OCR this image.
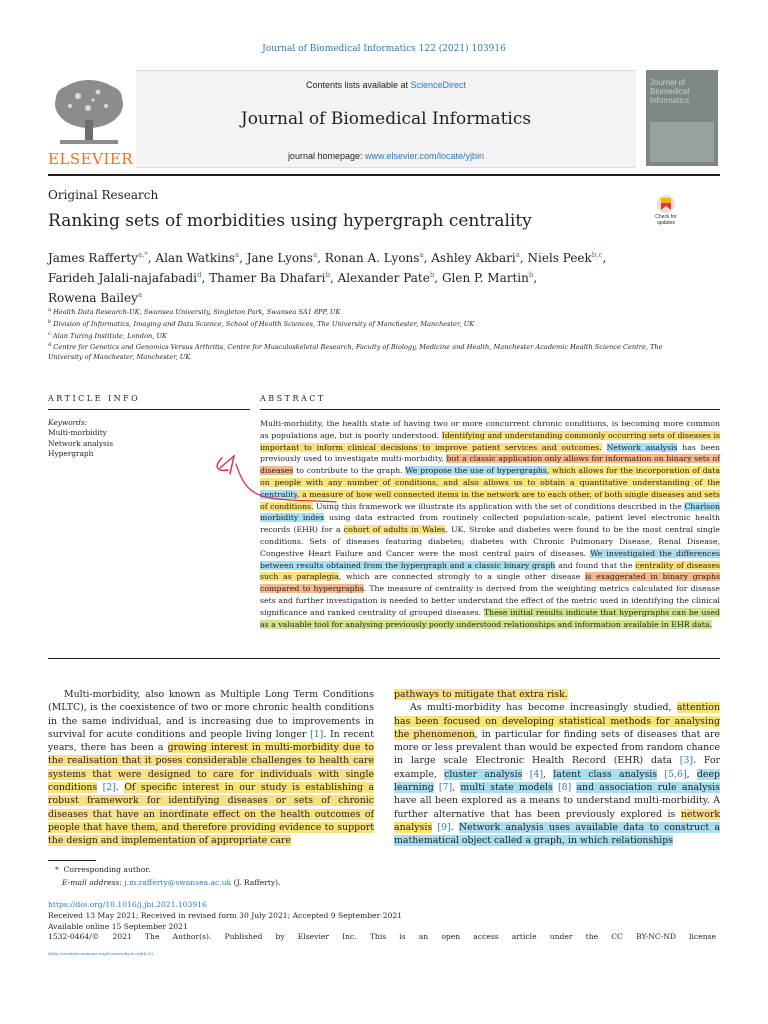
Journal of Biomedical Informatics 122 (2021) 103916
ELSEVIER
Contents lists available at ScienceDirect
Journal of Biomedical Informatics
journal homepage: www.elsevier.com/locate/yjbin
Journal of Biomedical Informatics
Original Research
Ranking sets of morbidities using hypergraph centrality	Check for
updates
James Rafferty$^{a,*}$, Alan Watkins$^a$, Jane Lyons$^a$, Ronan A. Lyons$^a$, Ashley Akbari$^a$, Niels Peek$^{b,c}$,
Farideh Jalali-najafabadi$^d$, Thamer Ba Dhafari$^b$, Alexander Pate$^b$, Glen P. Martin$^b$,
Rowena Bailey$^a$
$^a$ Health Data Research-UK, Swansea University, Singleton Park, Swansea SA1 8PP, UK
$^b$ Division of Informatics, Imaging and Data Science, School of Health Sciences, The University of Manchester, Manchester, UK
$^c$ Alan Turing Institute, London, UK
$^d$ Centre for Genetics and Genomics Versus Arthritis, Centre for Musculoskeletal Research, Faculty of Biology, Medicine and Health, Manchester Academic Health Science Centre, The University of Manchester, Manchester, UK
ARTICLE INFO	ABSTRACT
Keywords:
Multi-morbidity
Network analysis
Hypergraph
Multi-morbidity, the health state of having two or more concurrent chronic conditions, is becoming more common as populations age, but is poorly understood. Identifying and understanding commonly occurring sets of diseases is important to inform clinical decisions to improve patient services and outcomes. Network analysis has been previously used to investigate multi-morbidity, but a classic application only allows for information on binary sets of diseases to contribute to the graph. We propose the use of hypergraphs, which allows for the incorporation of data on people with any number of conditions, and also allows us to obtain a quantitative understanding of the centrality, a measure of how well connected items in the network are to each other, of both single diseases and sets of conditions. Using this framework we illustrate its application with the set of conditions described in the Charlson morbidity index using data extracted from routinely collected population-scale, patient level electronic health records (EHR) for a cohort of adults in Wales, UK. Stroke and diabetes were found to be the most central single conditions. Sets of diseases featuring diabetes; diabetes with Chronic Pulmonary Disease, Renal Disease, Congestive Heart Failure and Cancer were the most central pairs of diseases. We investigated the differences between results obtained from the hypergraph and a classic binary graph and found that the centrality of diseases such as paraplegia, which are connected strongly to a single other disease is exaggerated in binary graphs compared to hypergraphs. The measure of centrality is derived from the weighting metrics calculated for disease sets and further investigation is needed to better understand the effect of the metric used in identifying the clinical significance and ranked centrality of grouped diseases. These initial results indicate that hypergraphs can be used as a valuable tool for analysing previously poorly understood relationships and information available in EHR data.

Multi-morbidity, also known as Multiple Long Term Conditions (MLTC), is the coexistence of two or more chronic health conditions in the same individual, and is increasing due to improvements in survival for acute conditions and people living longer [1]. In recent years, there has been a growing interest in multi-morbidity due to the realisation that it poses considerable challenges to health care systems that were designed to care for individuals with single conditions [2]. Of specific interest in our study is establishing a robust framework for identifying diseases or sets of chronic diseases that have an inordinate effect on the health outcomes of people that have them, and therefore providing evidence to support the design and implementation of appropriate care

pathways to mitigate that extra risk.

As multi-morbidity has become increasingly studied, attention has been focused on developing statistical methods for analysing the phenomenon, in particular for finding sets of diseases that are more or less prevalent than would be expected from random chance in large scale Electronic Health Record (EHR) data [3]. For example, cluster analysis [4], latent class analysis [5,6], deep learning [7], multi state models [8] and association rule analysis have all been explored as a means to understand multi-morbidity. A further alternative that has been previously explored is network analysis [9]. Network analysis uses available data to construct a mathematical object called a graph, in which relationships

* Corresponding author.
E-mail address: j.m.rafferty@swansea.ac.uk (J. Rafferty).
https://doi.org/10.1016/j.jbi.2021.103916
Received 13 May 2021; Received in revised form 30 July 2021; Accepted 9 September 2021
Available online 15 September 2021
1532-0464/© 2021 The Author(s). Published by Elsevier Inc. This is an open access article under the CC BY-NC-ND license
(http://creativecommons.org/licenses/by-nc-nd/4.0/).
